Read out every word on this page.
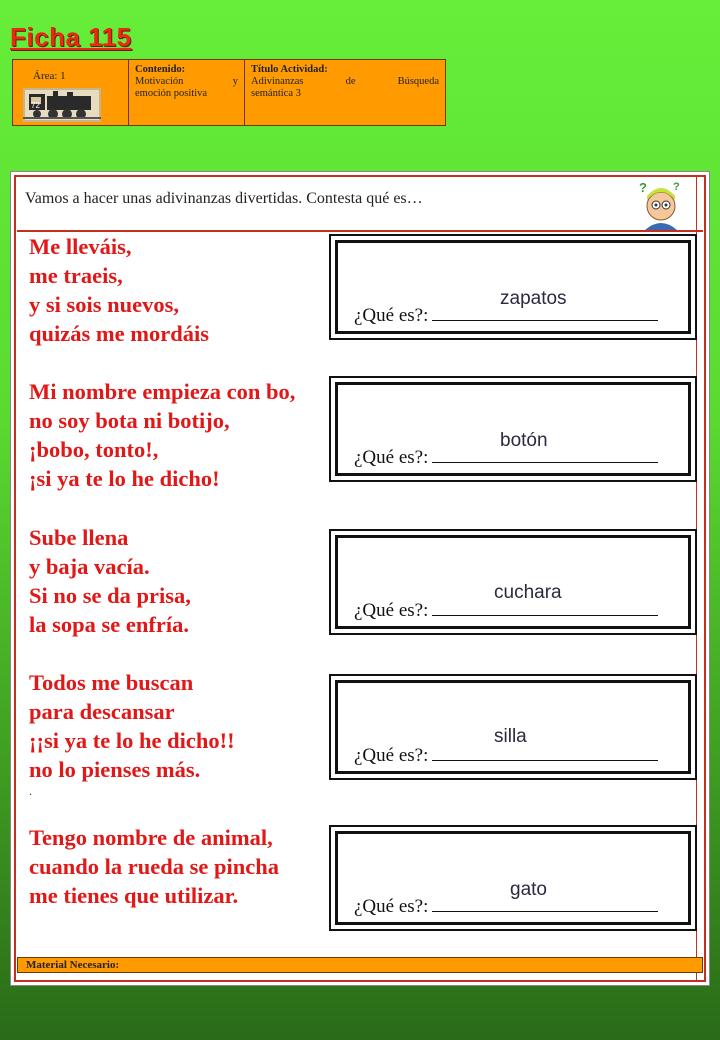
Ficha 115
Área: 1
72
Contenido:
Motivación y
emoción positiva
Título Actividad:
Adivinanzas de Búsqueda
semántica 3
Vamos a hacer unas adivinanzas divertidas. Contesta qué es…
? ?
Me lleváis,
me traeis,
y si sois nuevos,
quizás me mordáis
zapatos
¿Qué es?:
Mi nombre empieza con bo,
no soy bota ni botijo,
¡bobo, tonto!,
¡si ya te lo he dicho!
botón
¿Qué es?:
Sube llena
y baja vacía.
Si no se da prisa,
la sopa se enfría.
cuchara
¿Qué es?:
Todos me buscan
para descansar
¡¡si ya te lo he dicho!!
no lo pienses más.
.
silla
¿Qué es?:
Tengo nombre de animal,
cuando la rueda se pincha
me tienes que utilizar.	gato
¿Qué es?:
Material Necesario:
